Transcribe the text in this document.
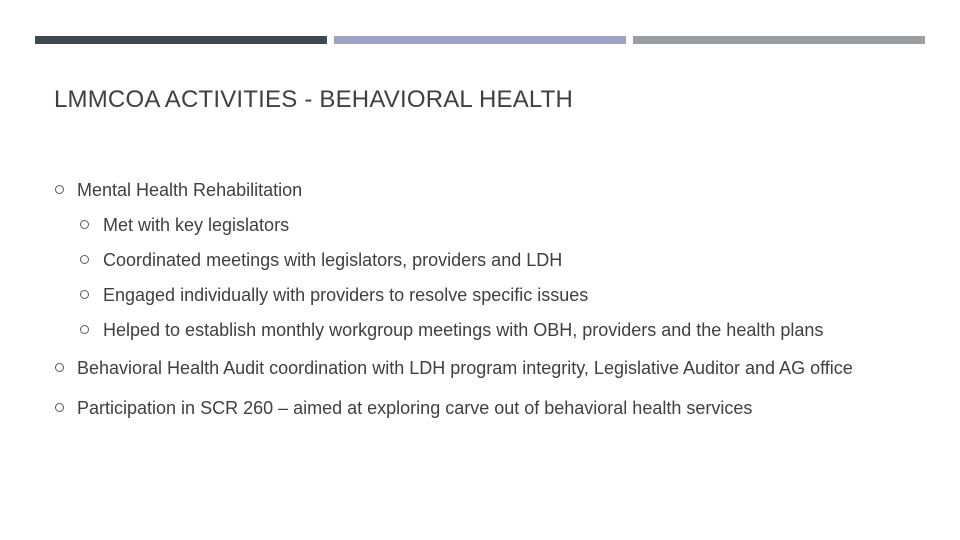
LMMCOA ACTIVITIES - BEHAVIORAL HEALTH
Mental Health Rehabilitation
Met with key legislators
Coordinated meetings with legislators, providers and LDH
Engaged individually with providers to resolve specific issues
Helped to establish monthly workgroup meetings with OBH, providers and the health plans
Behavioral Health Audit coordination with LDH program integrity, Legislative Auditor and AG office
Participation in SCR 260 – aimed at exploring carve out of behavioral health services
